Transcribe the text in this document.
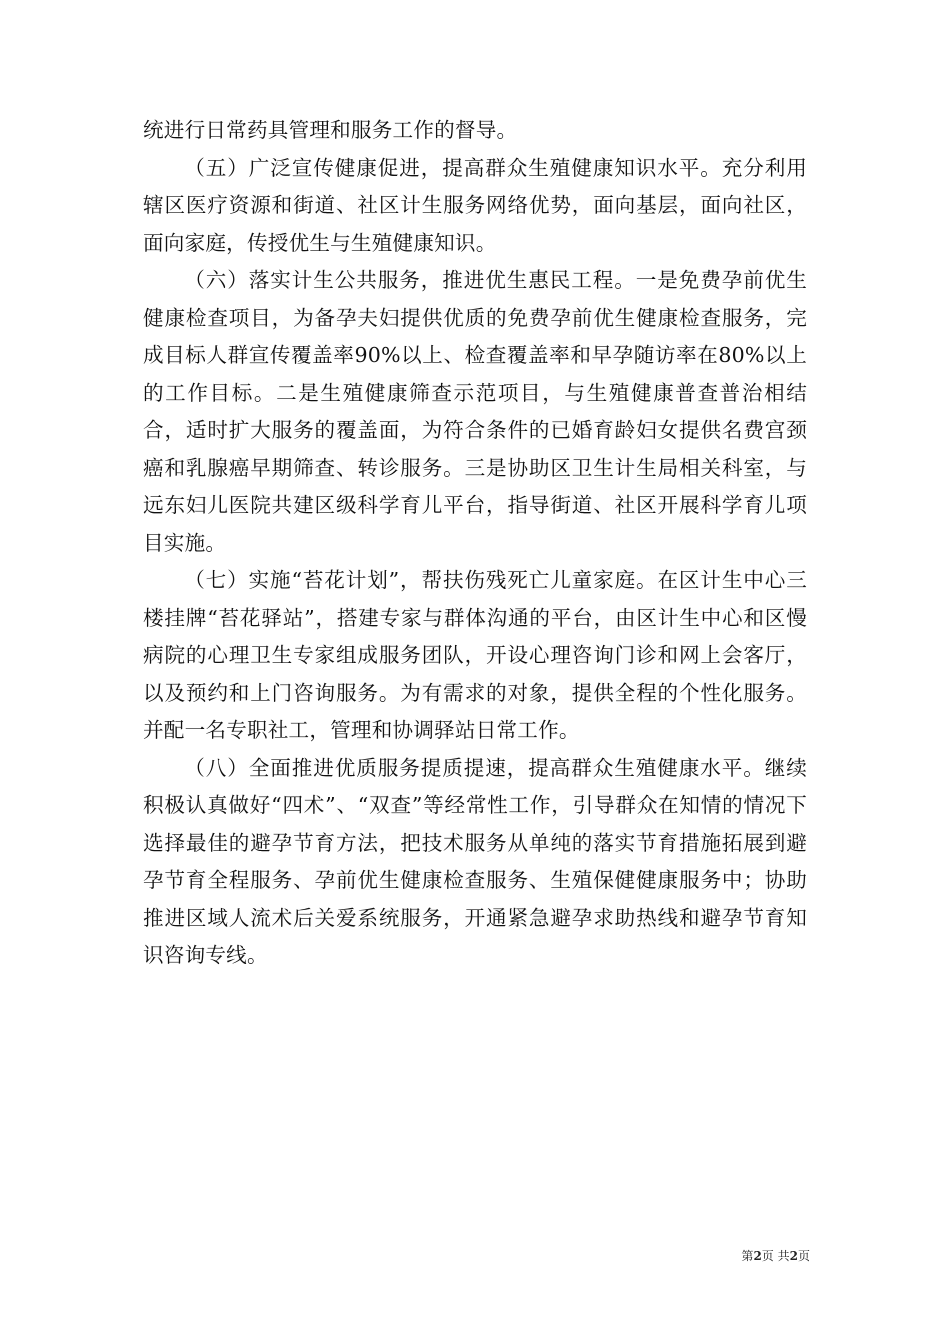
统进行日常药具管理和服务工作的督导。

（五）广泛宣传健康促进，提高群众生殖健康知识水平。充分利用辖区医疗资源和街道、社区计生服务网络优势，面向基层，面向社区，面向家庭，传授优生与生殖健康知识。

（六）落实计生公共服务，推进优生惠民工程。一是免费孕前优生健康检查项目，为备孕夫妇提供优质的免费孕前优生健康检查服务，完成目标人群宣传覆盖率90%以上、检查覆盖率和早孕随访率在80%以上的工作目标。二是生殖健康筛查示范项目，与生殖健康普查普治相结合，适时扩大服务的覆盖面，为符合条件的已婚育龄妇女提供名费宫颈癌和乳腺癌早期筛查、转诊服务。三是协助区卫生计生局相关科室，与远东妇儿医院共建区级科学育儿平台，指导街道、社区开展科学育儿项目实施。

（七）实施“苔花计划”，帮扶伤残死亡儿童家庭。在区计生中心三楼挂牌“苔花驿站”，搭建专家与群体沟通的平台，由区计生中心和区慢病院的心理卫生专家组成服务团队，开设心理咨询门诊和网上会客厅，以及预约和上门咨询服务。为有需求的对象，提供全程的个性化服务。并配一名专职社工，管理和协调驿站日常工作。

（八）全面推进优质服务提质提速，提高群众生殖健康水平。继续积极认真做好“四术”、“双查”等经常性工作，引导群众在知情的情况下选择最佳的避孕节育方法，把技术服务从单纯的落实节育措施拓展到避孕节育全程服务、孕前优生健康检查服务、生殖保健健康服务中；协助推进区域人流术后关爱系统服务，开通紧急避孕求助热线和避孕节育知识咨询专线。

第2页 共2页
